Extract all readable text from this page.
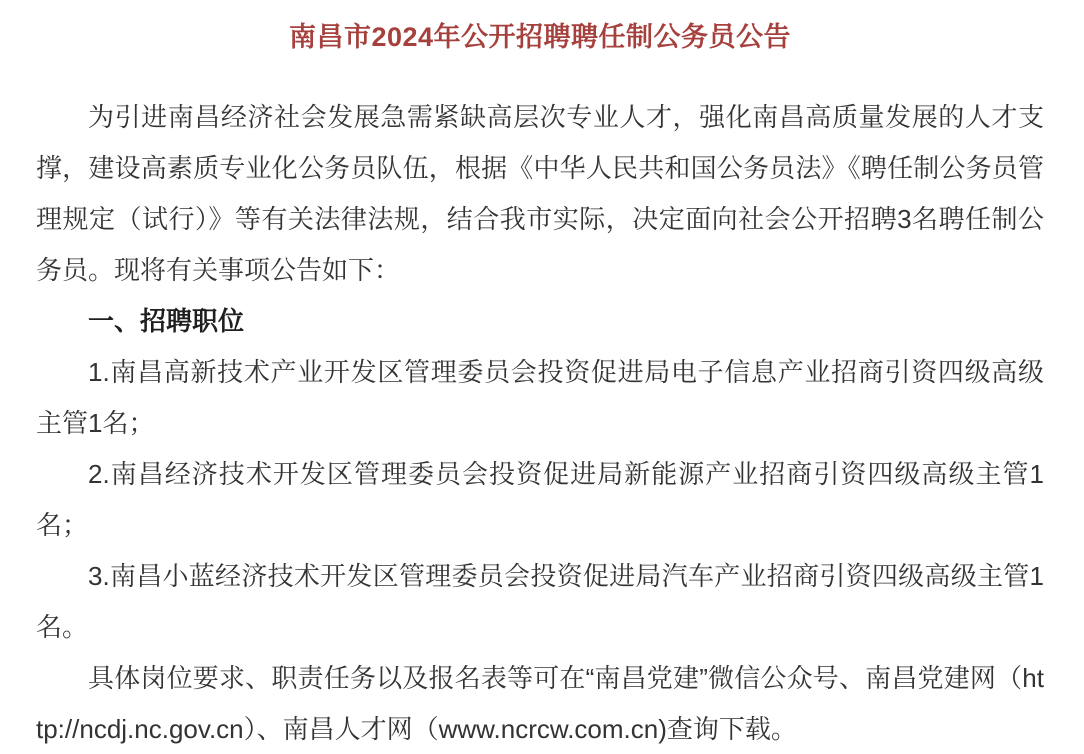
南昌市2024年公开招聘聘任制公务员公告

为引进南昌经济社会发展急需紧缺高层次专业人才，强化南昌高质量发展的人才支撑，建设高素质专业化公务员队伍，根据《中华人民共和国公务员法》《聘任制公务员管理规定（试行）》等有关法律法规，结合我市实际，决定面向社会公开招聘3名聘任制公务员。现将有关事项公告如下：

一、招聘职位

1.南昌高新技术产业开发区管理委员会投资促进局电子信息产业招商引资四级高级主管1名；

2.南昌经济技术开发区管理委员会投资促进局新能源产业招商引资四级高级主管1名；

3.南昌小蓝经济技术开发区管理委员会投资促进局汽车产业招商引资四级高级主管1名。

具体岗位要求、职责任务以及报名表等可在“南昌党建”微信公众号、南昌党建网（http://ncdj.nc.gov.cn）、南昌人才网（www.ncrcw.com.cn)查询下载。
